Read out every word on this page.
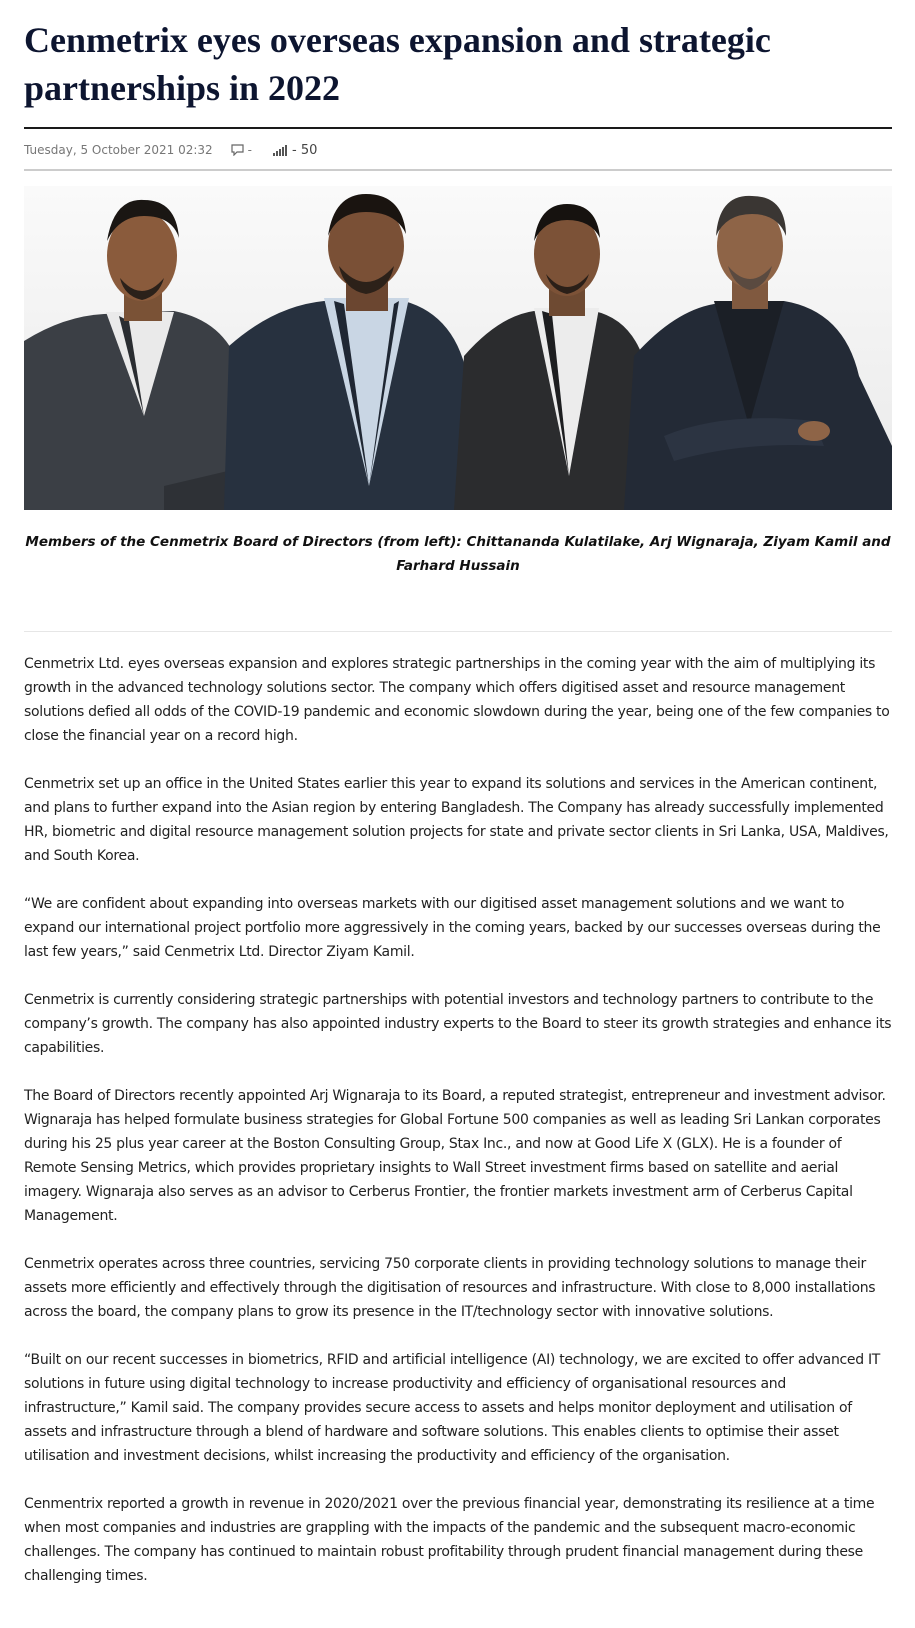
Cenmetrix eyes overseas expansion and strategic partnerships in 2022
Tuesday, 5 October 2021 02:32	-	- 50
Members of the Cenmetrix Board of Directors (from left): Chittananda Kulatilake, Arj Wignaraja, Ziyam Kamil and Farhard Hussain

Cenmetrix Ltd. eyes overseas expansion and explores strategic partnerships in the coming year with the aim of multiplying its growth in the advanced technology solutions sector. The company which offers digitised asset and resource management solutions defied all odds of the COVID-19 pandemic and economic slowdown during the year, being one of the few companies to close the financial year on a record high.

Cenmetrix set up an office in the United States earlier this year to expand its solutions and services in the American continent, and plans to further expand into the Asian region by entering Bangladesh. The Company has already successfully implemented HR, biometric and digital resource management solution projects for state and private sector clients in Sri Lanka, USA, Maldives, and South Korea.

“We are confident about expanding into overseas markets with our digitised asset management solutions and we want to expand our international project portfolio more aggressively in the coming years, backed by our successes overseas during the last few years,” said Cenmetrix Ltd. Director Ziyam Kamil.

Cenmetrix is currently considering strategic partnerships with potential investors and technology partners to contribute to the company’s growth. The company has also appointed industry experts to the Board to steer its growth strategies and enhance its capabilities.

The Board of Directors recently appointed Arj Wignaraja to its Board, a reputed strategist, entrepreneur and investment advisor. Wignaraja has helped formulate business strategies for Global Fortune 500 companies as well as leading Sri Lankan corporates during his 25 plus year career at the Boston Consulting Group, Stax Inc., and now at Good Life X (GLX). He is a founder of Remote Sensing Metrics, which provides proprietary insights to Wall Street investment firms based on satellite and aerial imagery. Wignaraja also serves as an advisor to Cerberus Frontier, the frontier markets investment arm of Cerberus Capital Management.

Cenmetrix operates across three countries, servicing 750 corporate clients in providing technology solutions to manage their assets more efficiently and effectively through the digitisation of resources and infrastructure. With close to 8,000 installations across the board, the company plans to grow its presence in the IT/technology sector with innovative solutions.

“Built on our recent successes in biometrics, RFID and artificial intelligence (AI) technology, we are excited to offer advanced IT solutions in future using digital technology to increase productivity and efficiency of organisational resources and infrastructure,” Kamil said. The company provides secure access to assets and helps monitor deployment and utilisation of assets and infrastructure through a blend of hardware and software solutions. This enables clients to optimise their asset utilisation and investment decisions, whilst increasing the productivity and efficiency of the organisation.

Cenmentrix reported a growth in revenue in 2020/2021 over the previous financial year, demonstrating its resilience at a time when most companies and industries are grappling with the impacts of the pandemic and the subsequent macro-economic challenges. The company has continued to maintain robust profitability through prudent financial management during these challenging times.
